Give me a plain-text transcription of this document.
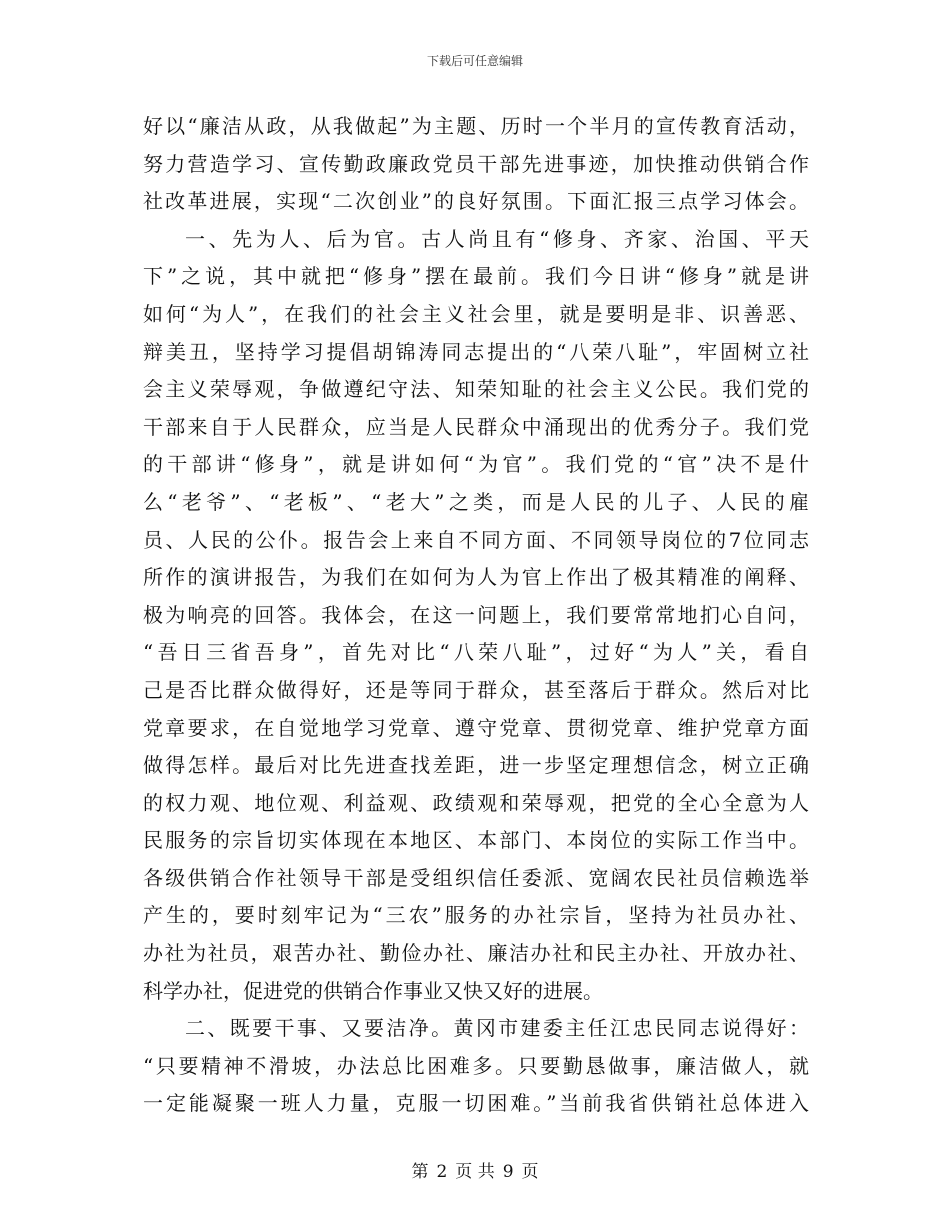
下载后可任意编辑
好以“廉洁从政，从我做起”为主题、历时一个半月的宣传教育活动，
努力营造学习、宣传勤政廉政党员干部先进事迹，加快推动供销合作
社改革进展，实现“二次创业”的良好氛围。下面汇报三点学习体会。
一、先为人、后为官。古人尚且有“修身、齐家、治国、平天
下”之说，其中就把“修身”摆在最前。我们今日讲“修身”就是讲
如何“为人”，在我们的社会主义社会里，就是要明是非、识善恶、
辩美丑，坚持学习提倡胡锦涛同志提出的“八荣八耻”，牢固树立社
会主义荣辱观，争做遵纪守法、知荣知耻的社会主义公民。我们党的
干部来自于人民群众，应当是人民群众中涌现出的优秀分子。我们党
的干部讲“修身”，就是讲如何“为官”。我们党的“官”决不是什
么“老爷”、“老板”、“老大”之类，而是人民的儿子、人民的雇
员、人民的公仆。报告会上来自不同方面、不同领导岗位的7位同志
所作的演讲报告，为我们在如何为人为官上作出了极其精准的阐释、
极为响亮的回答。我体会，在这一问题上，我们要常常地扪心自问，
“吾日三省吾身”，首先对比“八荣八耻”，过好“为人”关，看自
己是否比群众做得好，还是等同于群众，甚至落后于群众。然后对比
党章要求，在自觉地学习党章、遵守党章、贯彻党章、维护党章方面
做得怎样。最后对比先进查找差距，进一步坚定理想信念，树立正确
的权力观、地位观、利益观、政绩观和荣辱观，把党的全心全意为人
民服务的宗旨切实体现在本地区、本部门、本岗位的实际工作当中。
各级供销合作社领导干部是受组织信任委派、宽阔农民社员信赖选举
产生的，要时刻牢记为“三农”服务的办社宗旨，坚持为社员办社、
办社为社员，艰苦办社、勤俭办社、廉洁办社和民主办社、开放办社、
科学办社，促进党的供销合作事业又快又好的进展。
二、既要干事、又要洁净。黄冈市建委主任江忠民同志说得好：
“只要精神不滑坡，办法总比困难多。只要勤恳做事，廉洁做人，就
一定能凝聚一班人力量，克服一切困难。”当前我省供销社总体进入
第 2 页 共 9 页
